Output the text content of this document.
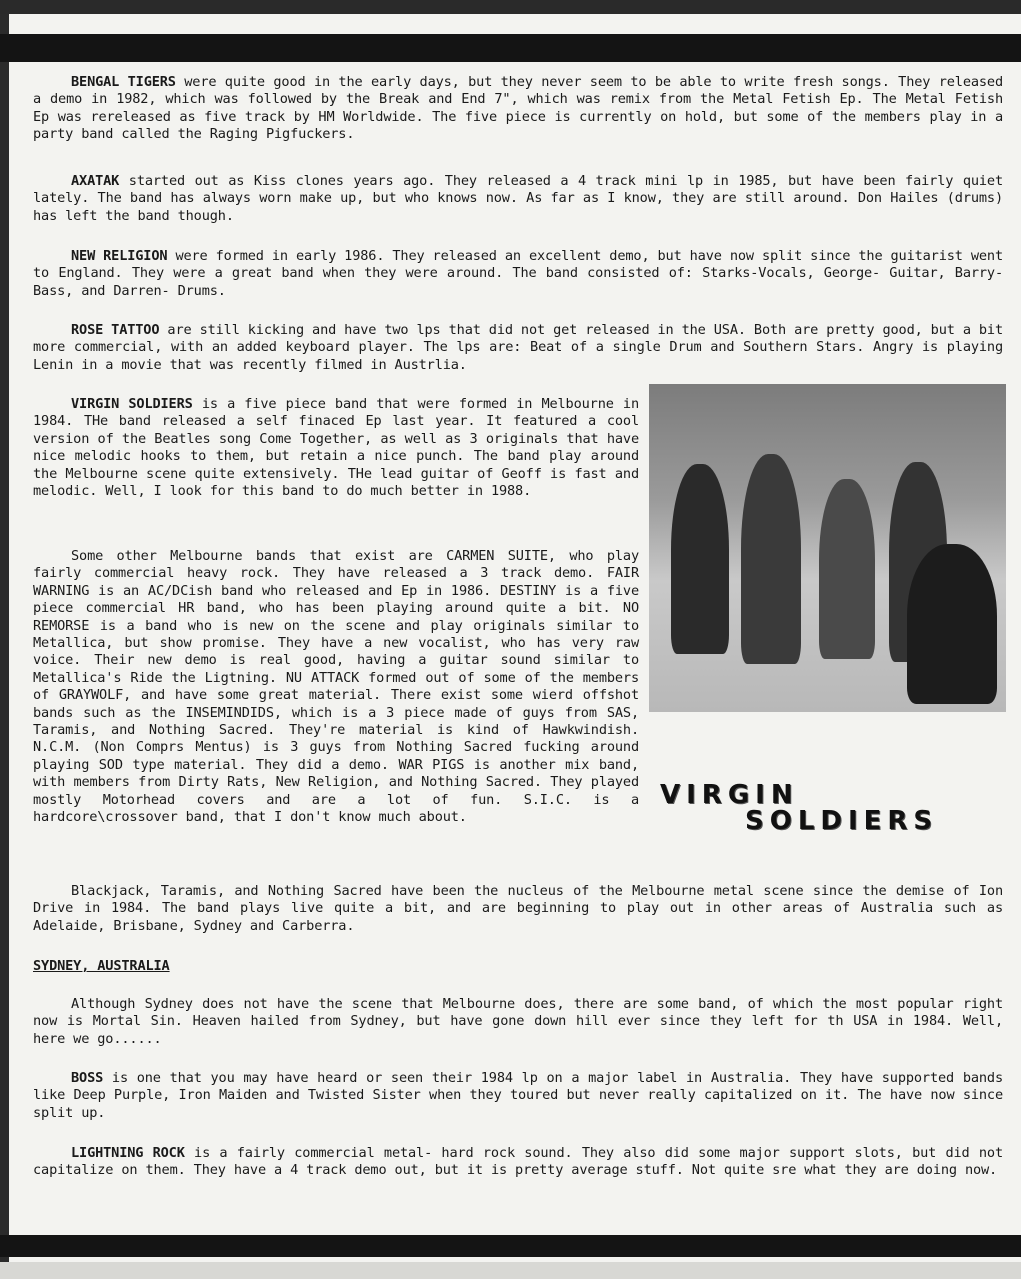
BENGAL TIGERS were quite good in the early days, but they never seem to be able to write fresh songs. They released a demo in 1982, which was followed by the Break and End 7", which was remix from the Metal Fetish Ep. The Metal Fetish Ep was rereleased as five track by HM Worldwide. The five piece is currently on hold, but some of the members play in a party band called the Raging Pigfuckers.

AXATAK started out as Kiss clones years ago. They released a 4 track mini lp in 1985, but have been fairly quiet lately. The band has always worn make up, but who knows now. As far as I know, they are still around. Don Hailes (drums) has left the band though.

NEW RELIGION were formed in early 1986. They released an excellent demo, but have now split since the guitarist went to England. They were a great band when they were around. The band consisted of: Starks-Vocals, George- Guitar, Barry- Bass, and Darren- Drums.

ROSE TATTOO are still kicking and have two lps that did not get released in the USA. Both are pretty good, but a bit more commercial, with an added keyboard player. The lps are: Beat of a single Drum and Southern Stars. Angry is playing Lenin in a movie that was recently filmed in Austrlia.

VIRGIN SOLDIERS is a five piece band that were formed in Melbourne in 1984. THe band released a self finaced Ep last year. It featured a cool version of the Beatles song Come Together, as well as 3 originals that have nice melodic hooks to them, but retain a nice punch. The band play around the Melbourne scene quite extensively. THe lead guitar of Geoff is fast and melodic. Well, I look for this band to do much better in 1988.

Some other Melbourne bands that exist are CARMEN SUITE, who play fairly commercial heavy rock. They have released a 3 track demo. FAIR WARNING is an AC/DCish band who released and Ep in 1986. DESTINY is a five piece commercial HR band, who has been playing around quite a bit. NO REMORSE is a band who is new on the scene and play originals similar to Metallica, but show promise. They have a new vocalist, who has very raw voice. Their new demo is real good, having a guitar sound similar to Metallica's Ride the Ligtning. NU ATTACK formed out of some of the members of GRAYWOLF, and have some great material. There exist some wierd offshot bands such as the INSEMINDIDS, which is a 3 piece made of guys from SAS, Taramis, and Nothing Sacred. They're material is kind of Hawkwindish. N.C.M. (Non Comprs Mentus) is 3 guys from Nothing Sacred fucking around playing SOD type material. They did a demo. WAR PIGS is another mix band, with members from Dirty Rats, New Religion, and Nothing Sacred. They played mostly Motorhead covers and are a lot of fun. S.I.C. is a hardcore\crossover band, that I don't know much about.

VIRGIN
SOLDIERS

Blackjack, Taramis, and Nothing Sacred have been the nucleus of the Melbourne metal scene since the demise of Ion Drive in 1984. The band plays live quite a bit, and are beginning to play out in other areas of Australia such as Adelaide, Brisbane, Sydney and Carberra.

SYDNEY, AUSTRALIA

Although Sydney does not have the scene that Melbourne does, there are some band, of which the most popular right now is Mortal Sin. Heaven hailed from Sydney, but have gone down hill ever since they left for th USA in 1984. Well, here we go......

BOSS is one that you may have heard or seen their 1984 lp on a major label in Australia. They have supported bands like Deep Purple, Iron Maiden and Twisted Sister when they toured but never really capitalized on it. The have now since split up.

LIGHTNING ROCK is a fairly commercial metal- hard rock sound. They also did some major support slots, but did not capitalize on them. They have a 4 track demo out, but it is pretty average stuff. Not quite sre what they are doing now.
